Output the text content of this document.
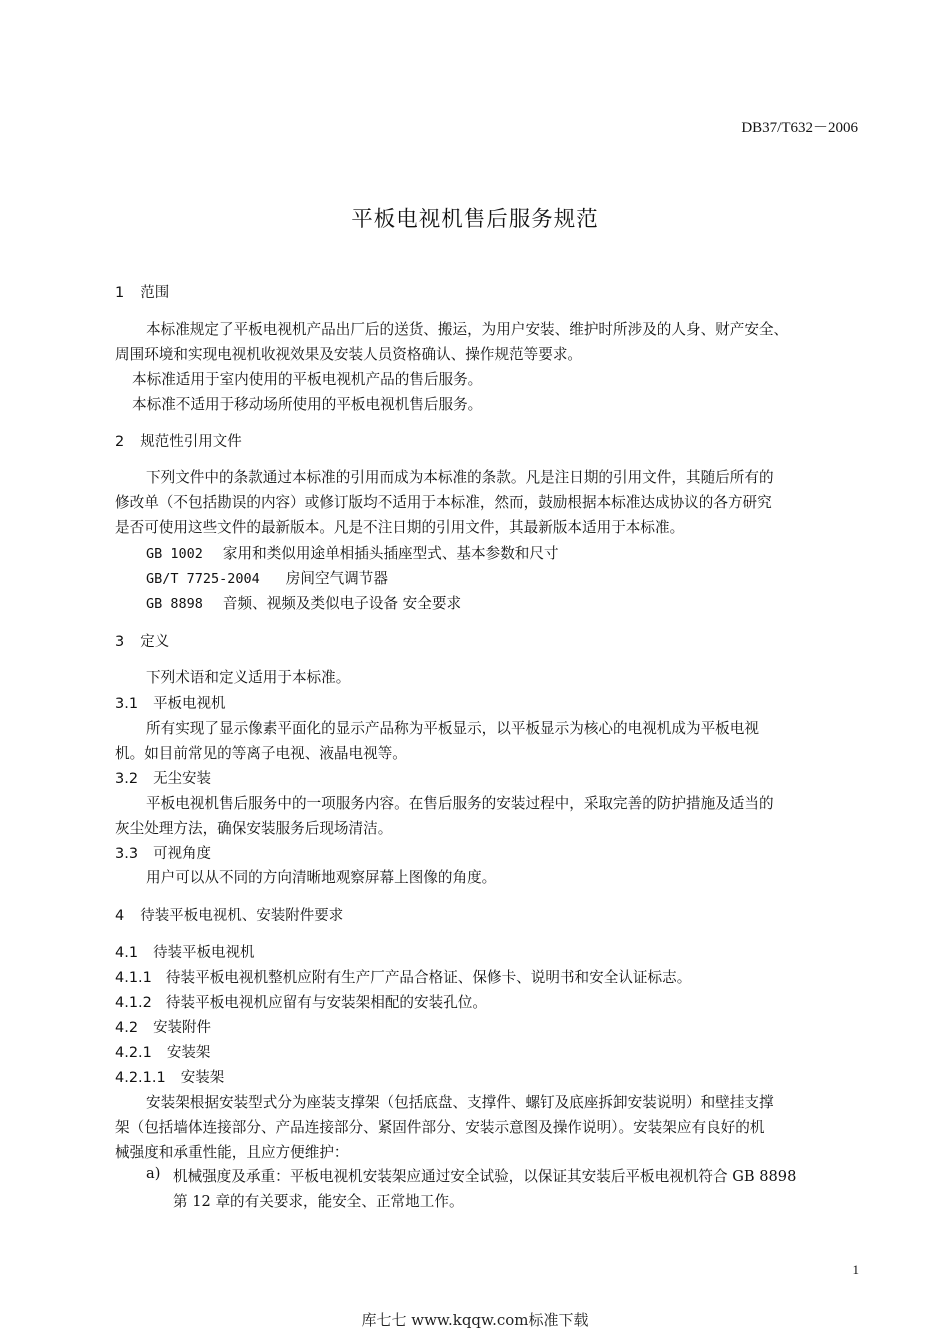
DB37/T632－2006
平板电视机售后服务规范
1 范围
本标准规定了平板电视机产品出厂后的送货、搬运，为用户安装、维护时所涉及的人身、财产安全、
周围环境和实现电视机收视效果及安装人员资格确认、操作规范等要求。
本标准适用于室内使用的平板电视机产品的售后服务。
本标准不适用于移动场所使用的平板电视机售后服务。
2 规范性引用文件
下列文件中的条款通过本标准的引用而成为本标准的条款。凡是注日期的引用文件，其随后所有的
修改单（不包括勘误的内容）或修订版均不适用于本标准，然而，鼓励根据本标准达成协议的各方研究
是否可使用这些文件的最新版本。凡是不注日期的引用文件，其最新版本适用于本标准。
GB 1002 家用和类似用途单相插头插座型式、基本参数和尺寸
GB/T 7725-2004 房间空气调节器
GB 8898 音频、视频及类似电子设备 安全要求
3 定义
下列术语和定义适用于本标准。
3.1 平板电视机
所有实现了显示像素平面化的显示产品称为平板显示，以平板显示为核心的电视机成为平板电视
机。如目前常见的等离子电视、液晶电视等。
3.2 无尘安装
平板电视机售后服务中的一项服务内容。在售后服务的安装过程中，采取完善的防护措施及适当的
灰尘处理方法，确保安装服务后现场清洁。
3.3 可视角度
用户可以从不同的方向清晰地观察屏幕上图像的角度。
4 待装平板电视机、安装附件要求
4.1 待装平板电视机
4.1.1 待装平板电视机整机应附有生产厂产品合格证、保修卡、说明书和安全认证标志。
4.1.2 待装平板电视机应留有与安装架相配的安装孔位。
4.2 安装附件
4.2.1 安装架
4.2.1.1 安装架
安装架根据安装型式分为座装支撑架（包括底盘、支撑件、螺钉及底座拆卸安装说明）和壁挂支撑
架（包括墙体连接部分、产品连接部分、紧固件部分、安装示意图及操作说明）。安装架应有良好的机
械强度和承重性能，且应方便维护：
a) 机械强度及承重：平板电视机安装架应通过安全试验，以保证其安装后平板电视机符合 GB 8898
第 12 章的有关要求，能安全、正常地工作。
1
库七七 www.kqqw.com标准下载
